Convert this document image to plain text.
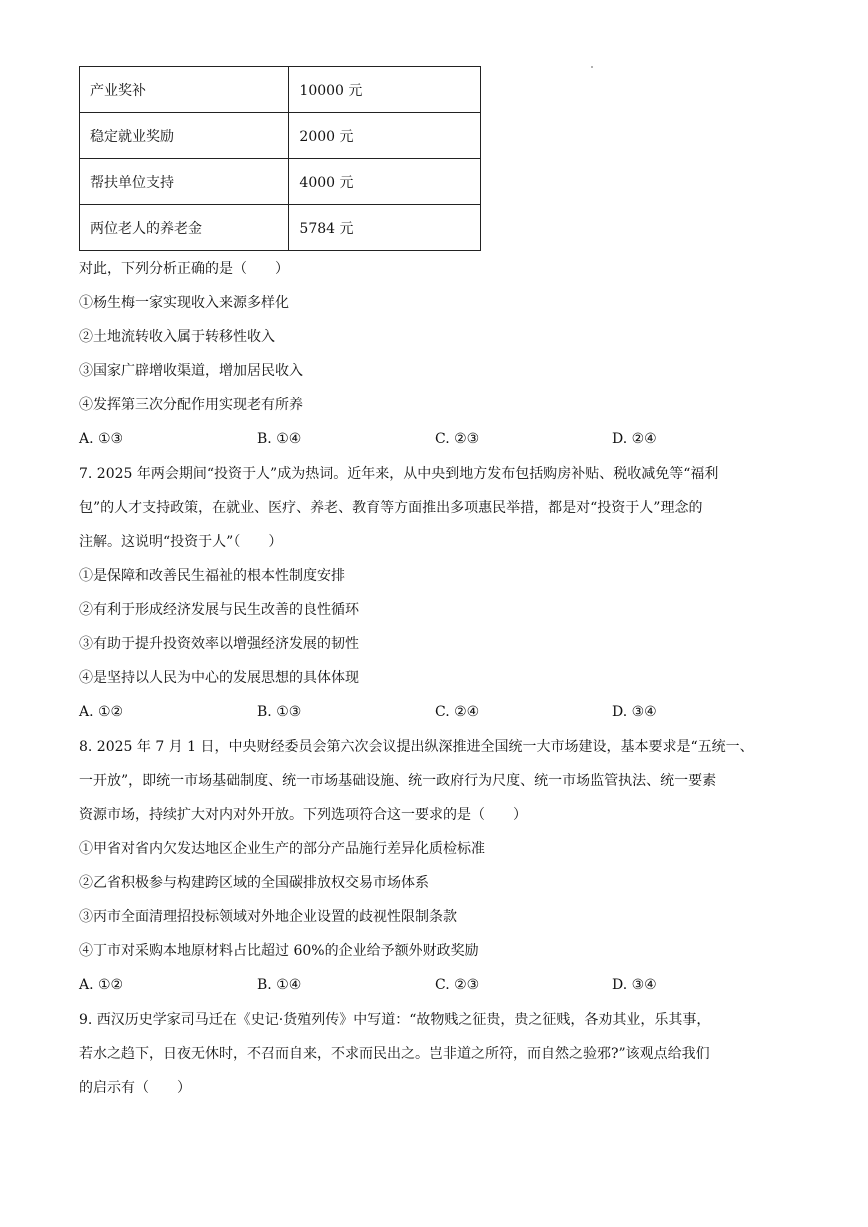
产业奖补	10000 元
稳定就业奖励	2000 元
帮扶单位支持	4000 元
两位老人的养老金	5784 元
对此，下列分析正确的是（　　）
①杨生梅一家实现收入来源多样化
②土地流转收入属于转移性收入
③国家广辟增收渠道，增加居民收入
④发挥第三次分配作用实现老有所养
A. ①③	B. ①④	C. ②③	D. ②④
7. 2025 年两会期间“投资于人”成为热词。近年来，从中央到地方发布包括购房补贴、税收减免等“福利
包”的人才支持政策，在就业、医疗、养老、教育等方面推出多项惠民举措，都是对“投资于人”理念的
注解。这说明“投资于人”（　　）
①是保障和改善民生福祉的根本性制度安排
②有利于形成经济发展与民生改善的良性循环
③有助于提升投资效率以增强经济发展的韧性
④是坚持以人民为中心的发展思想的具体体现
A. ①②	B. ①③	C. ②④	D. ③④
8. 2025 年 7 月 1 日，中央财经委员会第六次会议提出纵深推进全国统一大市场建设，基本要求是“五统一、
一开放”，即统一市场基础制度、统一市场基础设施、统一政府行为尺度、统一市场监管执法、统一要素
资源市场，持续扩大对内对外开放。下列选项符合这一要求的是（　　）
①甲省对省内欠发达地区企业生产的部分产品施行差异化质检标准
②乙省积极参与构建跨区域的全国碳排放权交易市场体系
③丙市全面清理招投标领域对外地企业设置的歧视性限制条款
④丁市对采购本地原材料占比超过 60%的企业给予额外财政奖励
A. ①②	B. ①④	C. ②③	D. ③④
9. 西汉历史学家司马迁在《史记·货殖列传》中写道：“故物贱之征贵，贵之征贱，各劝其业，乐其事，
若水之趋下，日夜无休时，不召而自来，不求而民出之。岂非道之所符，而自然之验邪?”该观点给我们
的启示有（　　）
